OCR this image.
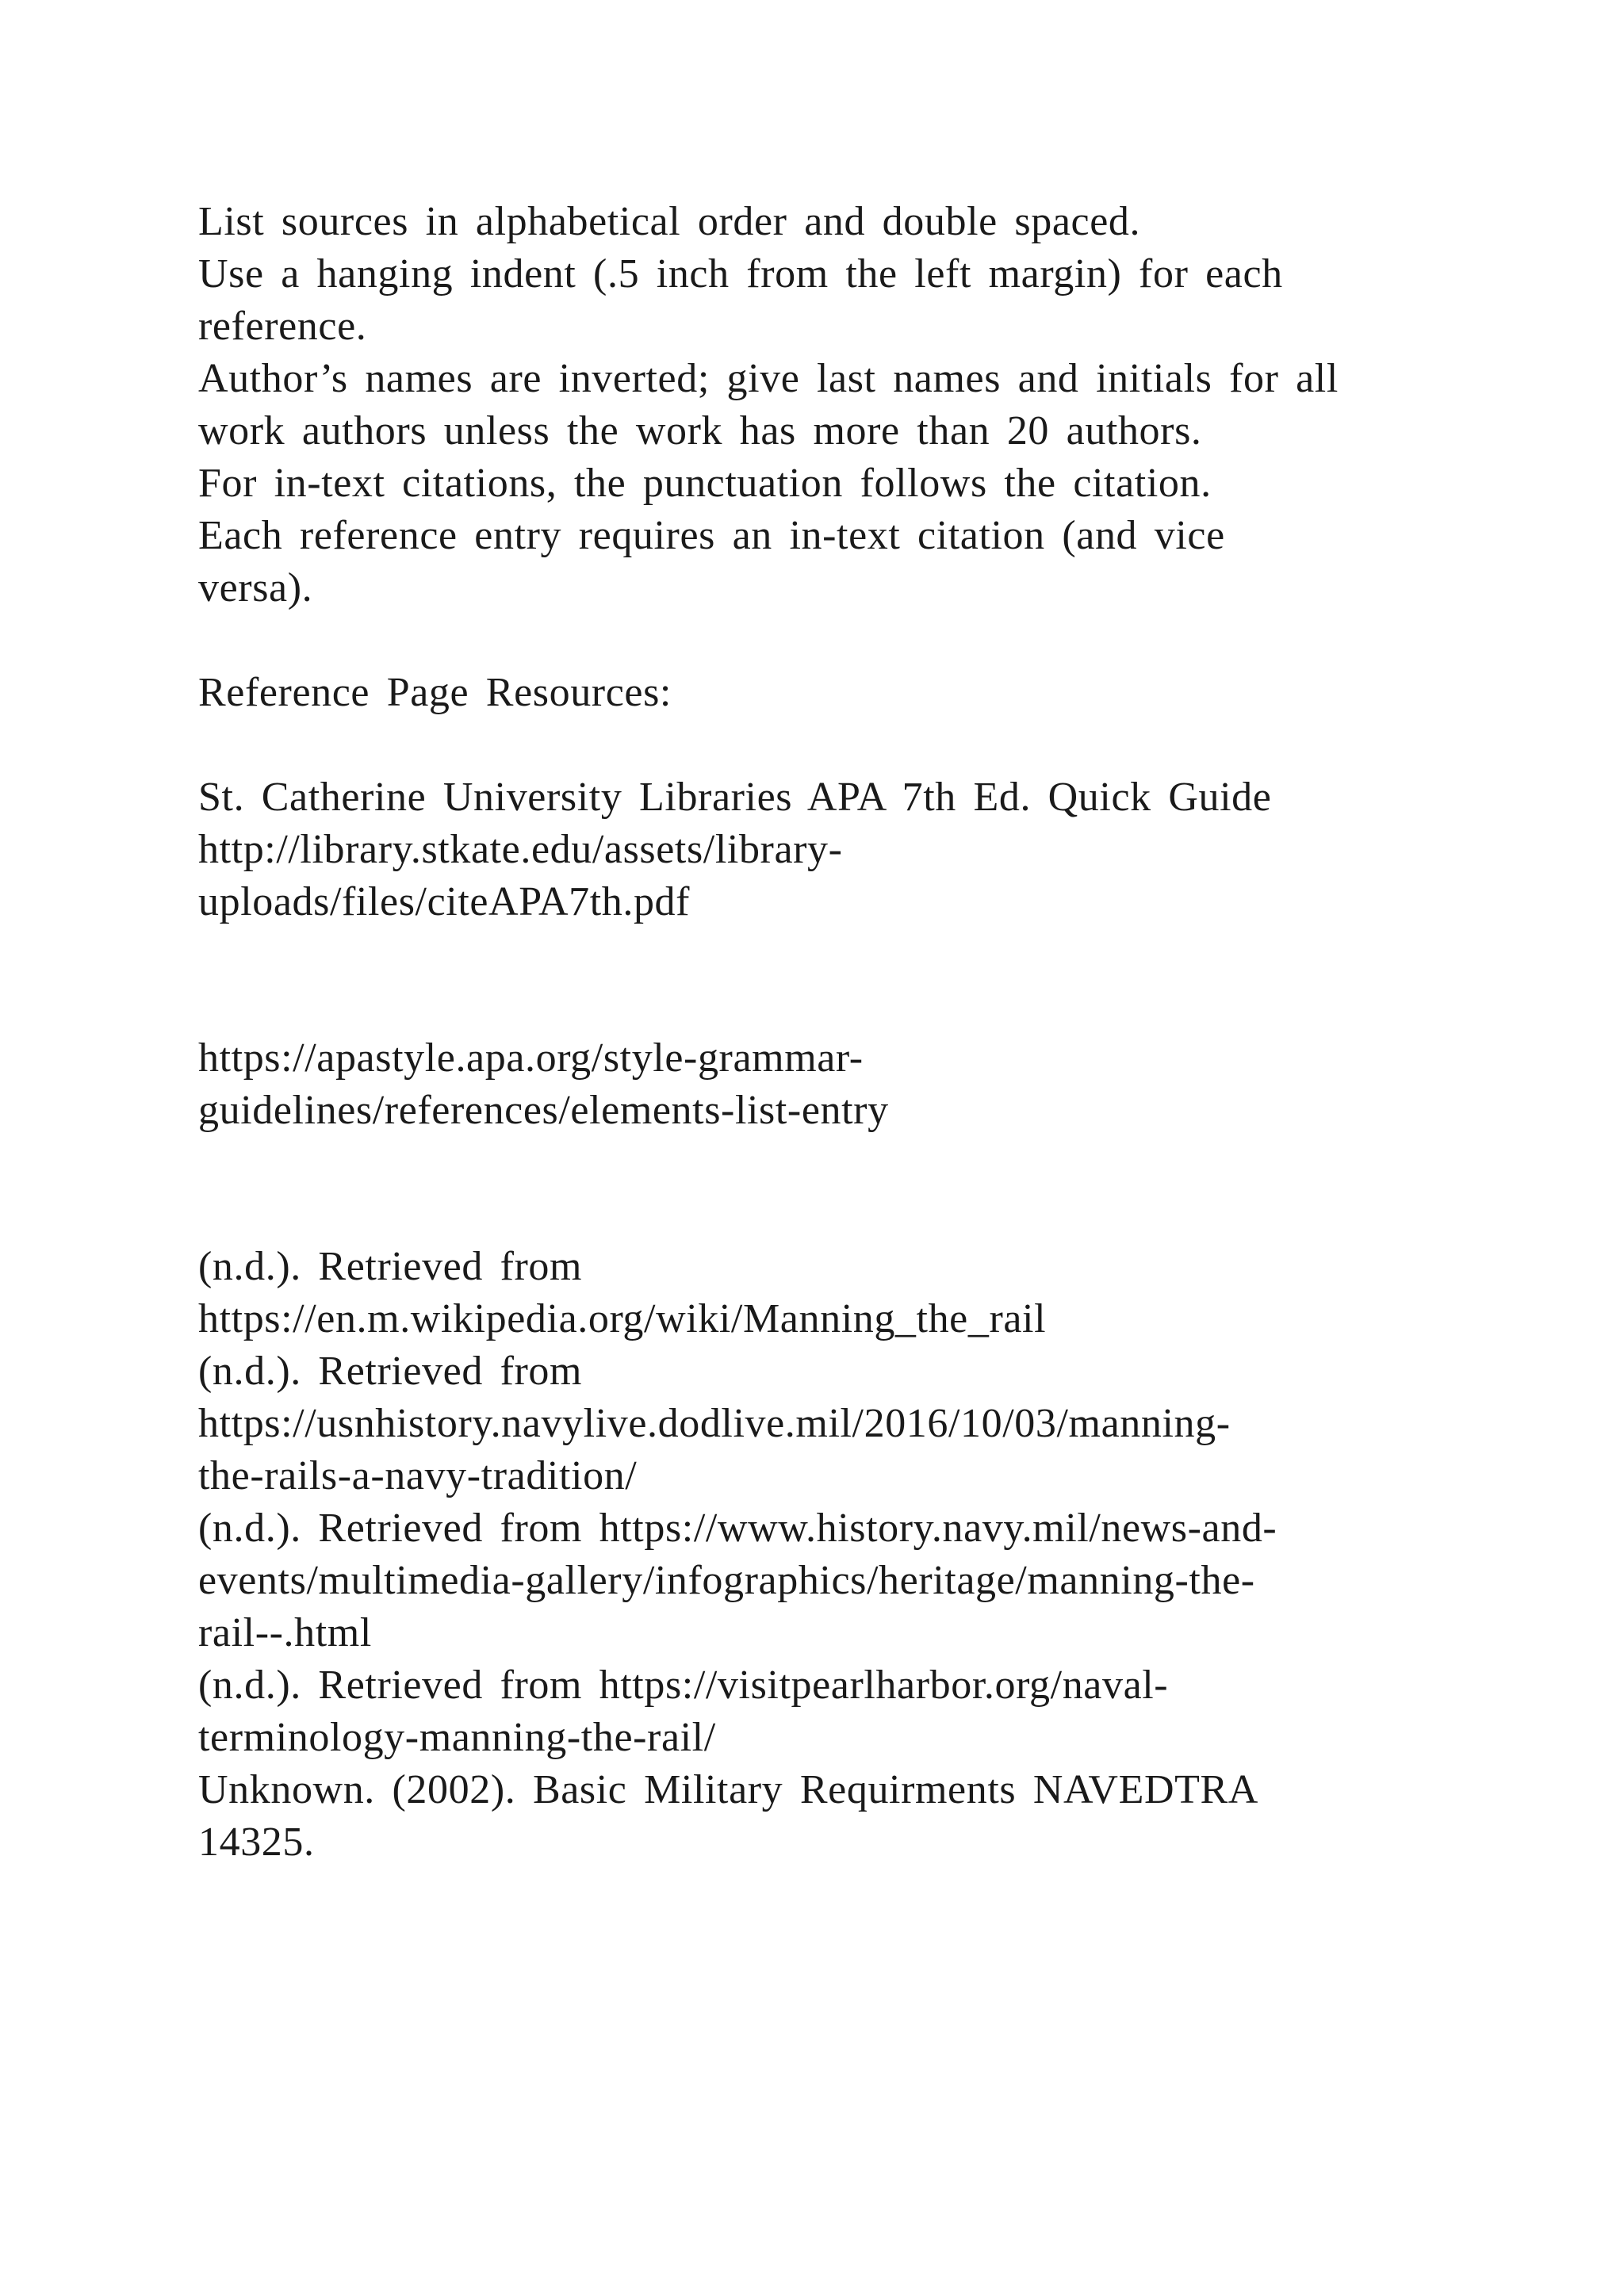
List sources in alphabetical order and double spaced.
Use a hanging indent (.5 inch from the left margin) for each
reference.
Author’s names are inverted; give last names and initials for all
work authors unless the work has more than 20 authors.
For in-text citations, the punctuation follows the citation.
Each reference entry requires an in-text citation (and vice
versa).
Reference Page Resources:
St. Catherine University Libraries APA 7th Ed. Quick Guide
http://library.stkate.edu/assets/library-
uploads/files/citeAPA7th.pdf
https://apastyle.apa.org/style-grammar-
guidelines/references/elements-list-entry
(n.d.). Retrieved from
https://en.m.wikipedia.org/wiki/Manning_the_rail
(n.d.). Retrieved from
https://usnhistory.navylive.dodlive.mil/2016/10/03/manning-
the-rails-a-navy-tradition/
(n.d.). Retrieved from https://www.history.navy.mil/news-and-
events/multimedia-gallery/infographics/heritage/manning-the-
rail--.html
(n.d.). Retrieved from https://visitpearlharbor.org/naval-
terminology-manning-the-rail/
Unknown. (2002). Basic Military Requirments NAVEDTRA
14325.
